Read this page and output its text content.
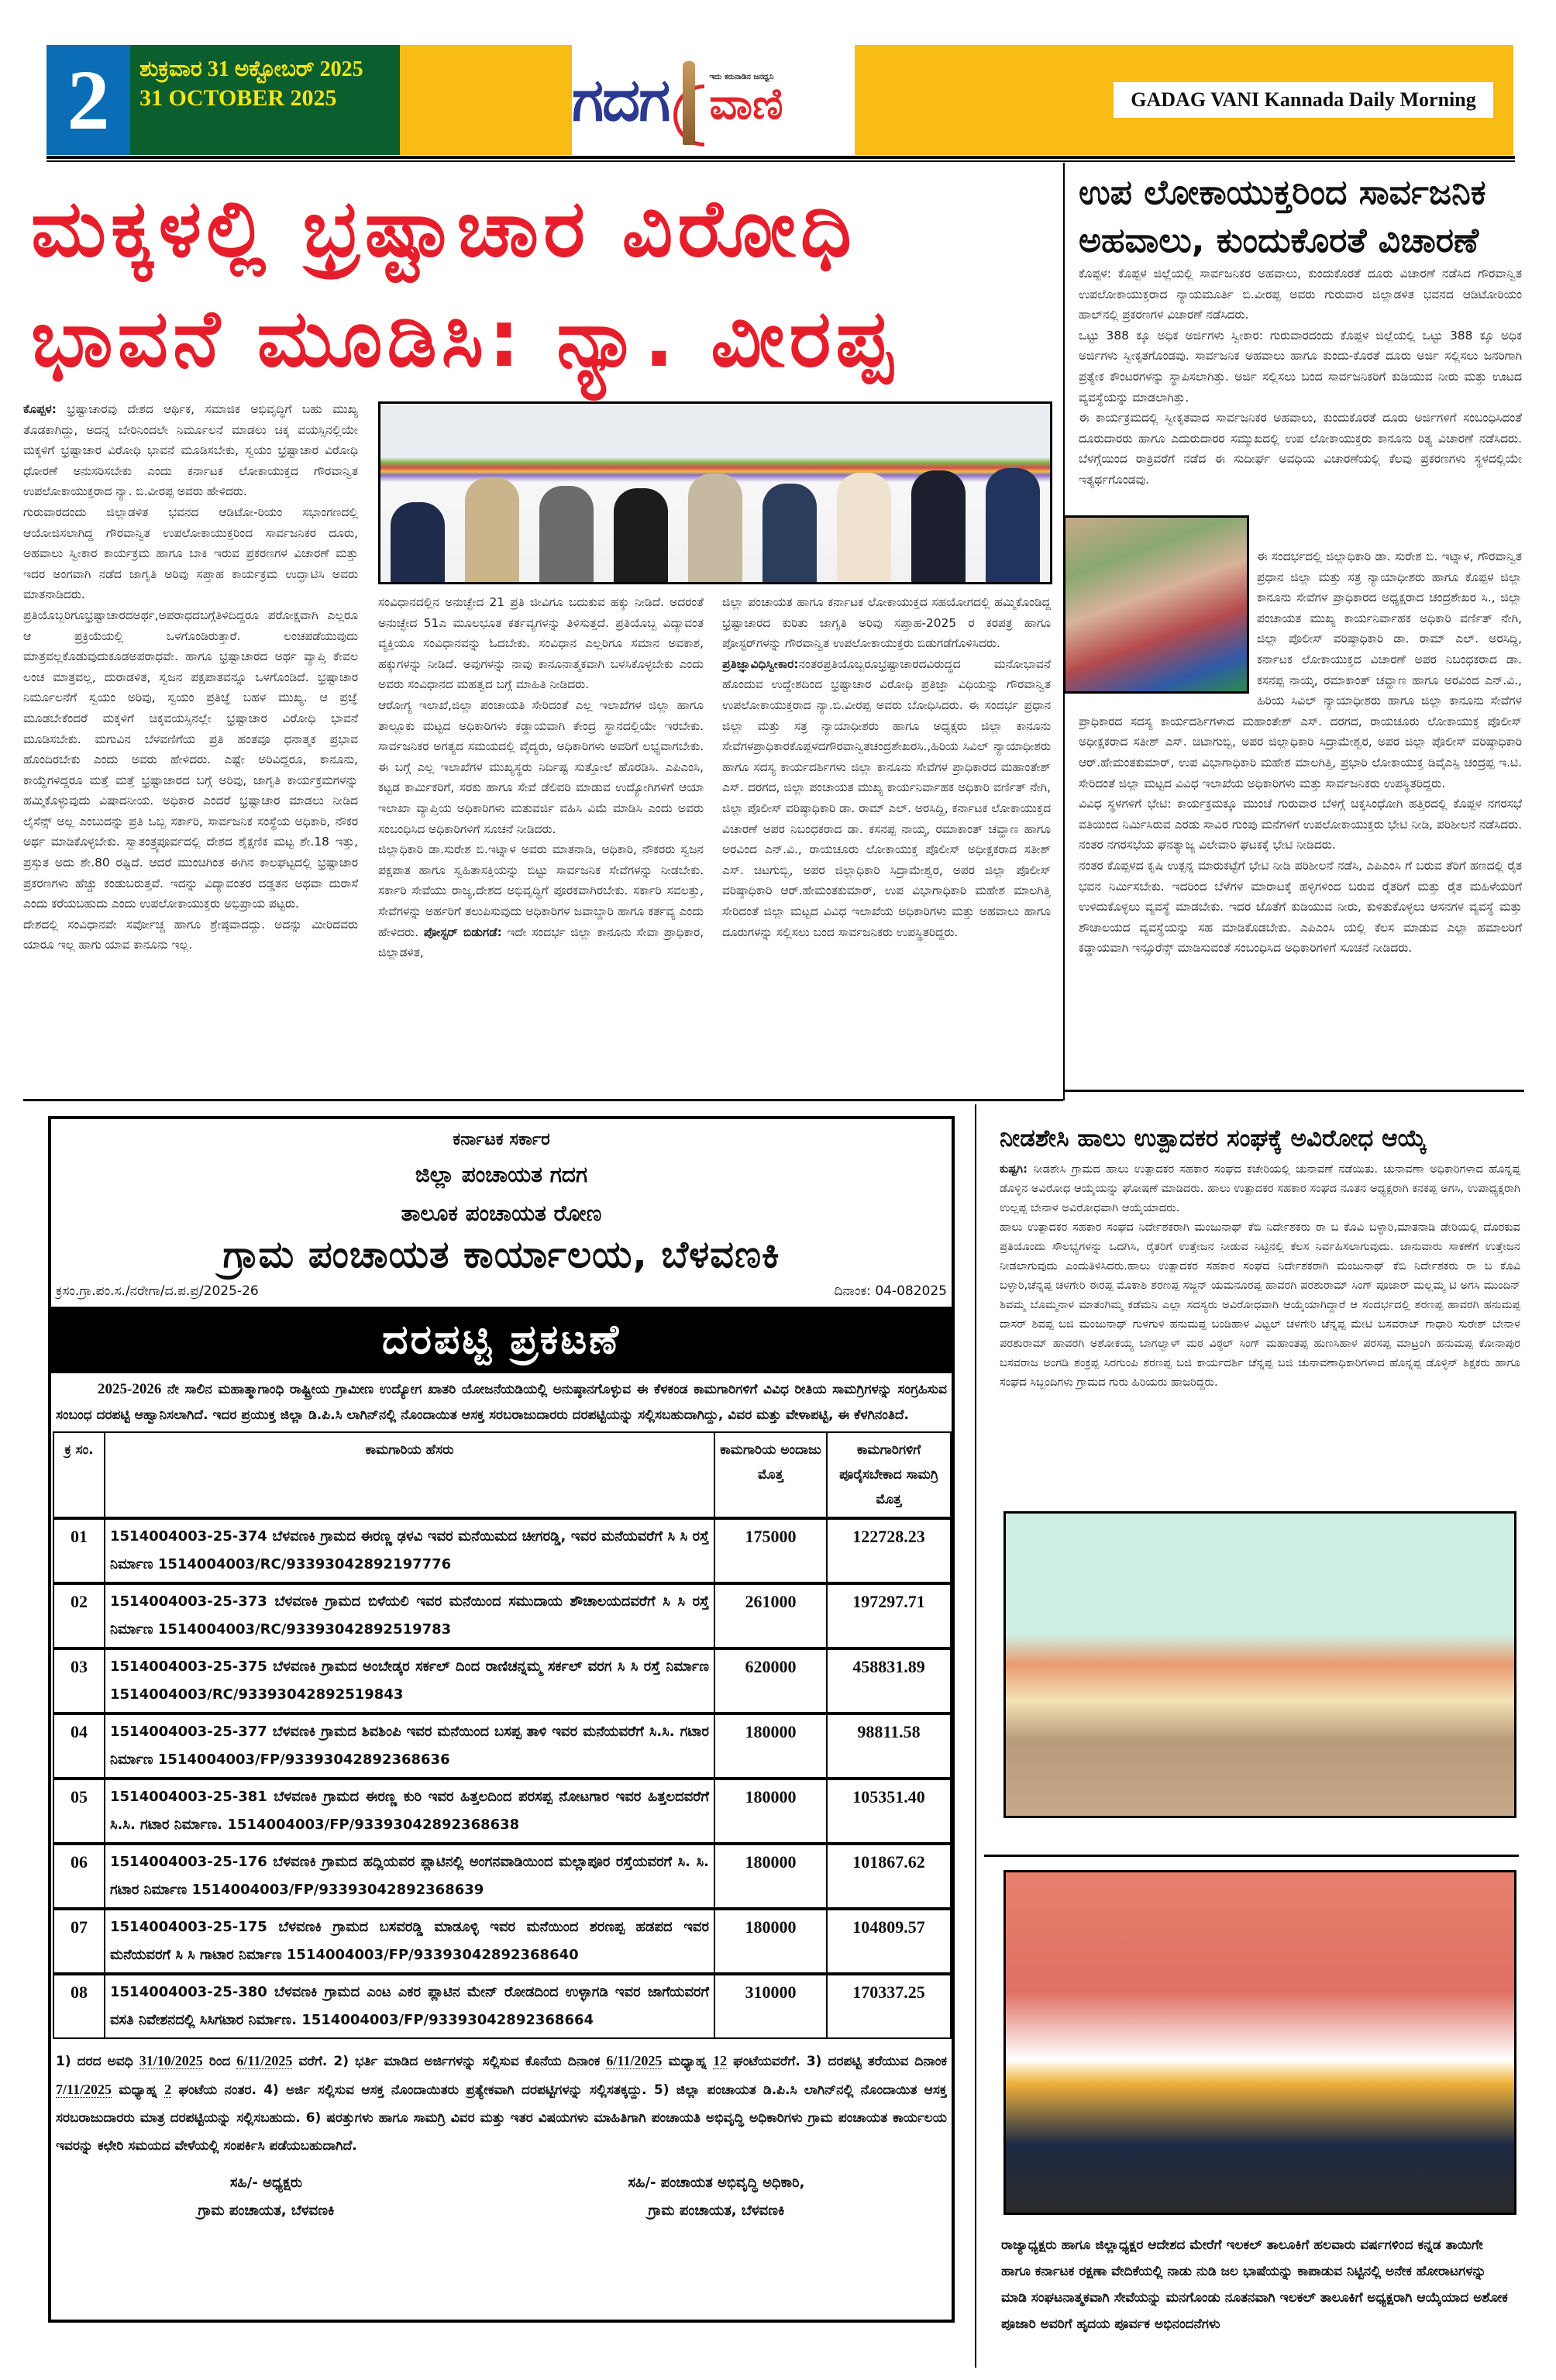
2	ಶುಕ್ರವಾರ 31 ಅಕ್ಟೋಬರ್ 2025
31 OCTOBER 2025	ಗದಗ	ಇದು ಕರುನಾಡಿನ ಜನಧ್ವನಿ
ವಾಣಿ	GADAG VANI Kannada Daily Morning
ಮಕ್ಕಳಲ್ಲಿ ಭ್ರಷ್ಟಾಚಾರ ವಿರೋಧಿ
ಭಾವನೆ ಮೂಡಿಸಿ: ನ್ಯಾ. ವೀರಪ್ಪ

ಕೊಪ್ಪಳ: ಭ್ರಷ್ಟಾಚಾರವು ದೇಶದ ಆರ್ಥಿಕ, ಸಮಾಜಿಕ ಅಭಿವೃದ್ಧಿಗೆ ಬಹು ಮುಖ್ಯ ತೊಡಕಾಗಿದ್ದು, ಅದನ್ನ ಬೇರಿನಿಂದಲೇ ನಿರ್ಮೂಲನೆ ಮಾಡಲು ಚಿಕ್ಕ ವಯಸ್ಸಿನಲ್ಲಿಯೇ ಮಕ್ಕಳಿಗೆ ಭ್ರಷ್ಟಾಚಾರ ವಿರೋಧಿ ಭಾವನೆ ಮೂಡಿಸಬೇಕು, ಸ್ವಯಂ ಭ್ರಷ್ಟಾಚಾರ ವಿರೋಧಿ ಧೋರಣೆ ಅನುಸರಿಸಬೇಕು ಎಂದು ಕರ್ನಾಟಕ ಲೋಕಾಯುಕ್ತದ ಗೌರವಾನ್ವಿತ ಉಪಲೋಕಾಯುಕ್ತರಾದ ನ್ಯಾ. ಬಿ.ವೀರಪ್ಪ ಅವರು ಹೇಳಿದರು.

ಗುರುವಾರದಂದು ಜಿಲ್ಲಾಡಳಿತ ಭವನದ ಆಡಿಟೋ-ರಿಯಂ ಸಭಾಂಗಣದಲ್ಲಿ ಆಯೋಜಿಸಲಾಗಿದ್ದ ಗೌರವಾನ್ವಿತ ಉಪಲೋಕಾಯುಕ್ತರಿಂದ ಸಾರ್ವಜನಿಕರ ದೂರು, ಅಹವಾಲು ಸ್ವೀಕಾರ ಕಾರ್ಯಕ್ರಮ ಹಾಗೂ ಬಾಕಿ ಇರುವ ಪ್ರಕರಣಗಳ ವಿಚಾರಣೆ ಮತ್ತು ಇದರ ಅಂಗವಾಗಿ ನಡೆದ ಜಾಗೃತಿ ಅರಿವು ಸಪ್ತಾಹ ಕಾರ್ಯಕ್ರಮ ಉದ್ಘಾಟಿಸಿ ಅವರು ಮಾತನಾಡಿದರು.

ಪ್ರತಿಯೊಬ್ಬರಿಗೂಭ್ರಷ್ಟಾಚಾರದಅರ್ಥ,ಅಪರಾಧದಬಗ್ಗೆತಿಳಿದಿದ್ದರೂ ಪರೋಕ್ಷವಾಗಿ ಎಲ್ಲರೂ ಆ ಪ್ರಕ್ರಿಯೆಯಲ್ಲಿ ಒಳಗೊಂಡಿರುತ್ತಾರೆ. ಲಂಚಪಡೆಯುವುದು ಮಾತ್ರವಲ್ಲಕೊಡುವುದುಕೂಡಅಪರಾಧವೇ. ಹಾಗೂ ಭ್ರಷ್ಟಾಚಾರದ ಅರ್ಥ ವ್ಯಾಪ್ತಿ ಕೇವಲ ಲಂಚ ಮಾತ್ರವಲ್ಲ, ದುರಾಡಳಿತ, ಸ್ವಜನ ಪಕ್ಷಪಾತವನ್ನೂ ಒಳಗೊಂಡಿದೆ. ಭ್ರಷ್ಟಾಚಾರ ನಿರ್ಮೂಲನೆಗೆ ಸ್ವಯಂ ಅರಿವು, ಸ್ವಯಂ ಪ್ರತಿಜ್ಞೆ ಬಹಳ ಮುಖ್ಯ. ಆ ಪ್ರಜ್ಞೆ ಮೂಡಬೇಕೆಂದರೆ ಮಕ್ಕಳಿಗೆ ಚಿಕ್ಕವಯಸ್ಸಿನಲ್ಲೇ ಭ್ರಷ್ಟಾಚಾರ ವಿರೋಧಿ ಭಾವನೆ ಮೂಡಿಸಬೇಕು. ಮಗುವಿನ ಬೆಳವಣಿಗೆಯ ಪ್ರತಿ ಹಂತವೂ ಧನಾತ್ಮಕ ಪ್ರಭಾವ ಹೊಂದಿರಬೇಕು ಎಂದು ಅವರು ಹೇಳಿದರು. ಎಷ್ಟೇ ಅರಿವಿದ್ದರೂ, ಕಾನೂನು, ಕಾಯ್ದೆಗಳಿದ್ದರೂ ಮತ್ತೆ ಮತ್ತೆ ಭ್ರಷ್ಟಾಚಾರದ ಬಗ್ಗೆ ಅರಿವು, ಜಾಗೃತಿ ಕಾರ್ಯಕ್ರಮಗಳನ್ನು ಹಮ್ಮಿಕೊಳ್ಳುವುದು ವಿಷಾದನೀಯ. ಅಧಿಕಾರ ಎಂದರೆ ಭ್ರಷ್ಟಾಚಾರ ಮಾಡಲು ನೀಡಿದ ಲೈಸೆನ್ಸ್ ಅಲ್ಲ ಎಂಬುದನ್ನು ಪ್ರತಿ ಒಬ್ಬ ಸರ್ಕಾರಿ, ಸಾರ್ವಜನಿಕ ಸಂಸ್ಥೆಯ ಅಧಿಕಾರಿ, ನೌಕರ ಅರ್ಥ ಮಾಡಿಕೊಳ್ಳಬೇಕು. ಸ್ವಾತಂತ್ರ್ಯಪೂರ್ವದಲ್ಲಿ ದೇಶದ ಶೈಕ್ಷಣಿಕ ಮಟ್ಟ ಶೇ.18 ಇತ್ತು, ಪ್ರಸ್ತುತ ಅದು ಶೇ.80 ರಷ್ಟಿದೆ. ಆದರೆ ಮುಂಚಿಗಿಂತ ಈಗಿನ ಕಾಲಘಟ್ಟದಲ್ಲಿ ಭ್ರಷ್ಟಾಚಾರ ಪ್ರಕರಣಗಳು ಹೆಚ್ಚು ಕಂಡುಬರುತ್ತವೆ. ಇದನ್ನು ವಿದ್ಯಾವಂತರ ದಡ್ಡತನ ಅಥವಾ ದುರಾಸೆ ಎಂದು ಕರೆಯಬಹುದು ಎಂದು ಉಪಲೋಕಾಯುಕ್ತರು ಅಭಿಪ್ರಾಯ ಪಟ್ಟರು.

ದೇಶದಲ್ಲಿ ಸಂವಿಧಾನವೇ ಸರ್ವೋಚ್ಚ ಹಾಗೂ ಶ್ರೇಷ್ಠವಾದದ್ದು. ಅದನ್ನು ಮೀರಿದವರು ಯಾರೂ ಇಲ್ಲ ಹಾಗು ಯಾವ ಕಾನೂನು ಇಲ್ಲ.

ಸಂವಿಧಾನದಲ್ಲಿನ ಅನುಚ್ಛೇದ 21 ಪ್ರತಿ ಜೀವಿಗೂ ಬದುಕುವ ಹಕ್ಕು ನೀಡಿದೆ. ಅದರಂತೆ ಅನುಚ್ಛೇದ 51ಎ ಮೂಲಭೂತ ಕರ್ತವ್ಯಗಳನ್ನು ತಿಳಿಸುತ್ತದೆ. ಪ್ರತಿಯೊಬ್ಬ ವಿದ್ಯಾವಂತ ವ್ಯಕ್ತಿಯೂ ಸಂವಿಧಾನವನ್ನು ಓದಬೇಕು. ಸಂವಿಧಾನ ಎಲ್ಲರಿಗೂ ಸಮಾನ ಅವಕಾಶ, ಹಕ್ಕುಗಳನ್ನು ನೀಡಿದೆ. ಅವುಗಳನ್ನು ನಾವು ಕಾನೂನಾತ್ಮಕವಾಗಿ ಬಳಸಿಕೊಳ್ಳಬೇಕು ಎಂದು ಅವರು ಸಂವಿಧಾನದ ಮಹತ್ವದ ಬಗ್ಗೆ ಮಾಹಿತಿ ನೀಡಿದರು.

ಆರೋಗ್ಯ ಇಲಾಖೆ,ಜಿಲ್ಲಾ ಪಂಚಾಯತಿ ಸೇರಿದಂತೆ ಎಲ್ಲ ಇಲಾಖೆಗಳ ಜಿಲ್ಲಾ ಹಾಗೂ ತಾಲ್ಲೂಕು ಮಟ್ಟದ ಅಧಿಕಾರಿಗಳು ಕಡ್ಡಾಯವಾಗಿ ಕೇಂದ್ರ ಸ್ಥಾನದಲ್ಲಿಯೇ ಇರಬೇಕು. ಸಾರ್ವಜನಿಕರ ಅಗತ್ಯದ ಸಮಯದಲ್ಲಿ ವೈದ್ಯರು, ಅಧಿಕಾರಿಗಳು ಅವರಿಗೆ ಲಭ್ಯವಾಗಬೇಕು. ಈ ಬಗ್ಗೆ ಎಲ್ಲ ಇಲಾಖೆಗಳ ಮುಖ್ಯಸ್ಥರು ನಿರ್ದಿಷ್ಟ ಸುತ್ತೋಲೆ ಹೊರಡಿಸಿ. ಎಪಿಎಂಸಿ, ಕಟ್ಟಡ ಕಾರ್ಮಿಕರಿಗೆ, ಸರಕು ಹಾಗೂ ಸೇವೆ ಡೆಲಿವರಿ ಮಾಡುವ ಉದ್ಯೋಗಿಗಳಿಗೆ ಆಯಾ ಇಲಾಖಾ ವ್ಯಾಪ್ತಿಯ ಅಧಿಕಾರಿಗಳು ಮತುವರ್ಜಿ ವಹಿಸಿ ವಿಮೆ ಮಾಡಿಸಿ ಎಂದು ಅವರು ಸಂಬಂಧಿಸಿದ ಅಧಿಕಾರಿಗಳಿಗೆ ಸೂಚನೆ ನೀಡಿದರು.

ಜಿಲ್ಲಾಧಿಕಾರಿ ಡಾ.ಸುರೇಶ ಬಿ.ಇಟ್ನಾಳ ಅವರು ಮಾತನಾಡಿ, ಅಧಿಕಾರಿ, ನೌಕರರು ಸ್ವಜನ ಪಕ್ಷಪಾತ ಹಾಗೂ ಸ್ವಹಿತಾಸಕ್ತಿಯನ್ನು ಬಿಟ್ಟು ಸಾರ್ವಜನಿಕ ಸೇವೆಗಳನ್ನು ನೀಡಬೇಕು. ಸರ್ಕಾರಿ ಸೇವೆಯು ರಾಜ್ಯ,ದೇಶದ ಅಭಿವೃದ್ಧಿಗೆ ಪೂರಕವಾಗಿರಬೇಕು. ಸರ್ಕಾರಿ ಸವಲತ್ತು, ಸೇವೆಗಳನ್ನು ಅರ್ಹರಿಗೆ ತಲುಪಿಸುವುದು ಅಧಿಕಾರಿಗಳ ಜವಾಬ್ದಾರಿ ಹಾಗೂ ಕರ್ತವ್ಯ ಎಂದು ಹೇಳಿದರು. ಪೋಸ್ಟರ್ ಬಿಡುಗಡೆ: ಇದೇ ಸಂದರ್ಭ ಜಿಲ್ಲಾ ಕಾನೂನು ಸೇವಾ ಪ್ರಾಧಿಕಾರ, ಜಿಲ್ಲಾಡಳಿತ,

ಜಿಲ್ಲಾ ಪಂಚಾಯತ ಹಾಗೂ ಕರ್ನಾಟಕ ಲೋಕಾಯುಕ್ತದ ಸಹಯೋಗದಲ್ಲಿ ಹಮ್ಮಿಕೊಂಡಿದ್ದ ಭ್ರಷ್ಟಾಚಾರದ ಕುರಿತು ಜಾಗೃತಿ ಅರಿವು ಸಪ್ತಾಹ-2025 ರ ಕರಪತ್ರ ಹಾಗೂ ಪೋಸ್ಟರ್‌ಗಳನ್ನು ಗೌರವಾನ್ವಿತ ಉಪಲೋಕಾಯುಕ್ತರು ಬಿಡುಗಡೆಗೊಳಿಸಿದರು.

ಪ್ರತಿಜ್ಞಾವಿಧಿಸ್ವೀಕಾರ:ನಂತರಪ್ರತಿಯೊಬ್ಬರೂಭ್ರಷ್ಟಾಚಾರದವಿರುದ್ಧದ ಮನೋಭಾವನೆ ಹೊಂದುವ ಉದ್ದೇಶದಿಂದ ಭ್ರಷ್ಟಾಚಾರ ವಿರೋಧಿ ಪ್ರತಿಜ್ಞಾ ವಿಧಿಯನ್ನು ಗೌರವಾನ್ವಿತ ಉಪಲೋಕಾಯುಕ್ತರಾದ ನ್ಯಾ.ಬಿ.ವೀರಪ್ಪ ಅವರು ಬೋಧಿಸಿದರು. ಈ ಸಂದರ್ಭ ಪ್ರಧಾನ ಜಿಲ್ಲಾ ಮತ್ತು ಸತ್ರ ನ್ಯಾಯಾಧೀಶರು ಹಾಗೂ ಅಧ್ಯಕ್ಷರು ಜಿಲ್ಲಾ ಕಾನೂನು ಸೇವೆಗಳಪ್ರಾಧಿಕಾರಕೊಪ್ಪಳದಗೌರವಾನ್ವಿತಚಂದ್ರಶೇಖರಸಿ.,ಹಿರಿಯ ಸಿವಿಲ್ ನ್ಯಾಯಾಧೀಶರು ಹಾಗೂ ಸದಸ್ಯ ಕಾರ್ಯದರ್ಶಿಗಳು ಜಿಲ್ಲಾ ಕಾನೂನು ಸೇವೆಗಳ ಪ್ರಾಧಿಕಾರದ ಮಹಾಂತೇಶ್ ಎಸ್. ದರಗದ, ಜಿಲ್ಲಾ ಪಂಚಾಯತ ಮುಖ್ಯ ಕಾರ್ಯನಿರ್ವಾಹಕ ಅಧಿಕಾರಿ ವರ್ಣಿತ್ ನೇಗಿ, ಜಿಲ್ಲಾ ಪೊಲೀಸ್ ವರಿಷ್ಠಾಧಿಕಾರಿ ಡಾ. ರಾಮ್ ಎಲ್. ಅರಸಿದ್ದಿ, ಕರ್ನಾಟಕ ಲೋಕಾಯುಕ್ತದ ವಿಚಾರಣೆ ಅಪರ ನಿಬಂಧಕರಾದ ಡಾ. ಕಸನಪ್ಪ ನಾಯ್ಕ, ರಮಾಕಾಂತ್ ಚವ್ಹಾಣ ಹಾಗೂ ಅರವಿಂದ ಎನ್.ವಿ., ರಾಯಚೂರು ಲೋಕಾಯುಕ್ತ ಪೊಲೀಸ್ ಅಧೀಕ್ಷಕರಾದ ಸತೀಶ್ ಎಸ್. ಚಿಟಗುಬ್ಬಿ, ಅಪರ ಜಿಲ್ಲಾಧಿಕಾರಿ ಸಿದ್ರಾಮೇಶ್ವರ, ಅಪರ ಜಿಲ್ಲಾ ಪೊಲೀಸ್ ವರಿಷ್ಠಾಧಿಕಾರಿ ಆರ್.ಹೇಮಂತಕುಮಾರ್, ಉಪ ವಿಭಾಗಾಧಿಕಾರಿ ಮಹೇಶ ಮಾಲಗಿತ್ತಿ ಸೇರಿದಂತೆ ಜಿಲ್ಲಾ ಮಟ್ಟದ ವಿವಿಧ ಇಲಾಖೆಯ ಅಧಿಕಾರಿಗಳು ಮತ್ತು ಅಹವಾಲು ಹಾಗೂ ದೂರುಗಳನ್ನು ಸಲ್ಲಿಸಲು ಬಂದ ಸಾರ್ವಜನಿಕರು ಉಪಸ್ಥಿತರಿದ್ದರು.

ಉಪ ಲೋಕಾಯುಕ್ತರಿಂದ ಸಾರ್ವಜನಿಕ ಅಹವಾಲು, ಕುಂದುಕೊರತೆ ವಿಚಾರಣೆ

ಕೊಪ್ಪಳ: ಕೊಪ್ಪಳ ಜಿಲ್ಲೆಯಲ್ಲಿ ಸಾರ್ವಜನಿಕರ ಅಹವಾಲು, ಕುಂದುಕೊರತೆ ದೂರು ವಿಚಾರಣೆ ನಡೆಸಿದ ಗೌರವಾನ್ವಿತ ಉಪಲೋಕಾಯುಕ್ತರಾದ ನ್ಯಾಯಮೂರ್ತಿ ಬಿ.ವೀರಪ್ಪ ಅವರು ಗುರುವಾರ ಜಿಲ್ಲಾಡಳಿತ ಭವನದ ಆಡಿಟೋರಿಯಂ ಹಾಲ್‌ನಲ್ಲಿ ಪ್ರಕರಣಗಳ ವಿಚಾರಣೆ ನಡೆಸಿದರು.

ಒಟ್ಟು 388 ಕ್ಕೂ ಅಧಿಕ ಅರ್ಜಿಗಳು ಸ್ವೀಕಾರ: ಗುರುವಾರದಂದು ಕೊಪ್ಪಳ ಜಿಲ್ಲೆಯಲ್ಲಿ ಒಟ್ಟು 388 ಕ್ಕೂ ಅಧಿಕ ಅರ್ಜಿಗಳು ಸ್ವೀಕೃತಗೊಂಡವು. ಸಾರ್ವಜನಿಕ ಅಹವಾಲು ಹಾಗೂ ಕುಂದು-ಕೊರತೆ ದೂರು ಅರ್ಜಿ ಸಲ್ಲಿಸಲು ಜನರಿಗಾಗಿ ಪ್ರತ್ಯೇಕ ಕೌಂಟರಗಳನ್ನು ಸ್ಥಾಪಿಸಲಾಗಿತ್ತು. ಅರ್ಜಿ ಸಲ್ಲಿಸಲು ಬಂದ ಸಾರ್ವಜನಿಕರಿಗೆ ಕುಡಿಯುವ ನೀರು ಮತ್ತು ಊಟದ ವ್ಯವಸ್ಥೆಯನ್ನು ಮಾಡಲಾಗಿತ್ತು.

ಈ ಕಾರ್ಯಕ್ರಮದಲ್ಲಿ ಸ್ವೀಕೃತವಾದ ಸಾರ್ವಜನಿಕರ ಅಹವಾಲು, ಕುಂದುಕೊರತೆ ದೂರು ಅರ್ಜಿಗಳಿಗೆ ಸಂಬಂಧಿಸಿದಂತೆ ದೂರುದಾರರು ಹಾಗೂ ಎದುರುದಾರರ ಸಮ್ಮುಖದಲ್ಲಿ ಉಪ ಲೋಕಾಯುಕ್ತರು ಕಾನೂನು ರಿತ್ಯ ವಿಚಾರಣೆ ನಡೆಸಿದರು. ಬೆಳಗ್ಗೆಯಿಂದ ರಾತ್ರಿವರೆಗೆ ನಡೆದ ಈ ಸುದೀರ್ಘ ಅವಧಿಯ ವಿಚಾರಣೆಯಲ್ಲಿ ಕೆಲವು ಪ್ರಕರಣಗಳು ಸ್ಥಳದಲ್ಲಿಯೇ ಇತ್ಯರ್ಥಗೊಂಡವು.

ಈ ಸಂದರ್ಭದಲ್ಲಿ ಜಿಲ್ಲಾಧಿಕಾರಿ ಡಾ. ಸುರೇಶ ಬಿ. ಇಟ್ನಾಳ, ಗೌರವಾನ್ವಿತ ಪ್ರಧಾನ ಜಿಲ್ಲಾ ಮತ್ತು ಸತ್ರ ನ್ಯಾಯಾಧೀಶರು ಹಾಗೂ ಕೊಪ್ಪಳ ಜಿಲ್ಲಾ ಕಾನೂನು ಸೇವೆಗಳ ಪ್ರಾಧಿಕಾರದ ಅಧ್ಯಕ್ಷರಾದ ಚಂದ್ರಶೇಖರ ಸಿ., ಜಿಲ್ಲಾ ಪಂಚಾಯತ ಮುಖ್ಯ ಕಾರ್ಯನಿರ್ವಾಹಕ ಅಧಿಕಾರಿ ವರ್ಣಿತ್ ನೇಗಿ, ಜಿಲ್ಲಾ ಪೊಲೀಸ್ ವರಿಷ್ಠಾಧಿಕಾರಿ ಡಾ. ರಾಮ್ ಎಲ್. ಅರಸಿದ್ದಿ, ಕರ್ನಾಟಕ ಲೋಕಾಯುಕ್ತದ ವಿಚಾರಣೆ ಅಪರ ನಿಬಂಧಕರಾದ ಡಾ. ಕಸನಪ್ಪ ನಾಯ್ಕ, ರಮಾಕಾಂತ್ ಚವ್ಹಾಣ ಹಾಗೂ ಅರವಿಂದ ಎನ್.ವಿ., ಹಿರಿಯ ಸಿವಿಲ್ ನ್ಯಾಯಾಧೀಶರು ಹಾಗೂ ಜಿಲ್ಲಾ ಕಾನೂನು ಸೇವೆಗಳ ಪ್ರಾಧಿಕಾರದ ಸದಸ್ಯ ಕಾರ್ಯದರ್ಶಿಗಳಾದ ಮಹಾಂತೇಶ್ ಎಸ್. ದರಗದ, ರಾಯಚೂರು ಲೋಕಾಯುಕ್ತ ಪೊಲೀಸ್ ಅಧೀಕ್ಷಕರಾದ ಸತೀಶ್ ಎಸ್. ಚಿಟಾಗುಬ್ಬಿ, ಅಪರ ಜಿಲ್ಲಾಧಿಕಾರಿ ಸಿದ್ರಾಮೇಶ್ವರ, ಅಪರ ಜಿಲ್ಲಾ ಪೊಲೀಸ್ ವರಿಷ್ಠಾಧಿಕಾರಿ ಆರ್.ಹೇಮಂತಕುಮಾರ್, ಉಪ ವಿಭಾಗಾಧಿಕಾರಿ ಮಹೇಶ ಮಾಲಗಿತ್ತಿ, ಪ್ರಭಾರಿ ಲೋಕಾಯುಕ್ತ ಡಿವೈಎಸ್ಪಿ ಚಂದ್ರಪ್ಪ ಇ.ಟಿ. ಸೇರಿದಂತೆ ಜಿಲ್ಲಾ ಮಟ್ಟದ ವಿವಿಧ ಇಲಾಖೆಯ ಅಧಿಕಾರಿಗಳು ಮತ್ತು ಸಾರ್ವಜನಿಕರು ಉಪಸ್ಥಿತರಿದ್ದರು.

ವಿವಿಧ ಸ್ಥಳಗಳಿಗೆ ಭೇಟಿ: ಕಾರ್ಯಕ್ರಮಕ್ಕೂ ಮುಂಚೆ ಗುರುವಾರ ಬೆಳಿಗ್ಗೆ ಚಿಕ್ಕಸಿಂಧೋಗಿ ಹತ್ತಿರದಲ್ಲಿ ಕೊಪ್ಪಳ ನಗರಸಭೆ ವತಿಯಿಂದ ನಿರ್ಮಿಸಿರುವ ಎರಡು ಸಾವಿರ ಗುಂಪು ಮನೆಗಳಿಗೆ ಉಪಲೋಕಾಯುಕ್ತರು ಭೇಟಿ ನೀಡಿ, ಪರಿಶೀಲನೆ ನಡೆಸಿದರು. ನಂತರ ನಗರಸಭೆಯ ಘನತ್ಯಾಜ್ಯ ವಿಲೇವಾರಿ ಘಟಕಕ್ಕೆ ಭೇಟಿ ನೀಡಿದರು.

ನಂತರ ಕೊಪ್ಪಳದ ಕೃಷಿ ಉತ್ಪನ್ನ ಮಾರುಕಟ್ಟೆಗೆ ಭೇಟಿ ನೀಡಿ ಪರಿಶೀಲನೆ ನಡೆಸಿ, ಎಪಿಎಂಸಿ ಗೆ ಬರುವ ತೆರಿಗೆ ಹಣದಲ್ಲಿ ರೈತ ಭವನ ನಿರ್ಮಿಸಬೇಕು. ಇದರಿಂದ ಬೆಳೆಗಳ ಮಾರಾಟಕ್ಕೆ ಹಳ್ಳಿಗಳಿಂದ ಬರುವ ರೈತರಿಗೆ ಮತ್ತು ರೈತ ಮಹಿಳೆಯರಿಗೆ ಉಳಿದುಕೊಳ್ಳಲು ವ್ಯವಸ್ಥೆ ಮಾಡಬೇಕು. ಇದರ ಜೊತೆಗೆ ಕುಡಿಯುವ ನೀರು, ಕುಳಿತುಕೊಳ್ಳಲು ಆಸನಗಳ ವ್ಯವಸ್ಥೆ ಮತ್ತು ಶೌಚಾಲಯದ ವ್ಯವಸ್ಥೆಯನ್ನು ಸಹ ಮಾಡಿಕೊಡಬೇಕು. ಎಪಿಎಂಸಿ ಯಲ್ಲಿ ಕೆಲಸ ಮಾಡುವ ಎಲ್ಲಾ ಹಮಾಲರಿಗೆ ಕಡ್ಡಾಯವಾಗಿ ಇನ್ಸೂರೆನ್ಸ್ ಮಾಡಿಸುವಂತೆ ಸಂಬಂಧಿಸಿದ ಅಧಿಕಾರಿಗಳಿಗೆ ಸೂಚನೆ ನೀಡಿದರು.

ಕರ್ನಾಟಕ ಸರ್ಕಾರ
ಜಿಲ್ಲಾ ಪಂಚಾಯತ ಗದಗ
ತಾಲೂಕ ಪಂಚಾಯತ ರೋಣ
ಗ್ರಾಮ ಪಂಚಾಯತ ಕಾರ್ಯಾಲಯ, ಬೆಳವಣಕಿ
ಕ್ರಸಂ.ಗ್ರಾ.ಪಂ.ಸ./ನರೇಗಾ/ದ.ಪ.ಪ್ರ/2025-26	ದಿನಾಂಕ: 04-082025
ದರಪಟ್ಟಿ ಪ್ರಕಟಣೆ
2025-2026 ನೇ ಸಾಲಿನ ಮಹಾತ್ಮಾಗಾಂಧಿ ರಾಷ್ಟ್ರೀಯ ಗ್ರಾಮೀಣ ಉದ್ಯೋಗ ಖಾತರಿ ಯೋಜನೆಯಡಿಯಲ್ಲಿ ಅನುಷ್ಠಾನಗೊಳ್ಳುವ ಈ ಕೆಳಕಂಡ ಕಾಮಗಾರಿಗಳಿಗೆ ವಿವಿಧ ರೀತಿಯ ಸಾಮಗ್ರಿಗಳನ್ನು ಸಂಗ್ರಹಿಸುವ ಸಂಬಂಧ ದರಪಟ್ಟಿ ಆಹ್ವಾನಿಸಲಾಗಿದೆ. ಇದರ ಪ್ರಯುಕ್ತ ಜಿಲ್ಲಾ ಡಿ.ಪಿ.ಸಿ ಲಾಗಿನ್‌ನಲ್ಲಿ ನೊಂದಾಯಿತ ಆಸಕ್ತ ಸರಬರಾಜುದಾರರು ದರಪಟ್ಟಿಯನ್ನು ಸಲ್ಲಿಸಬಹುದಾಗಿದ್ದು, ವಿವರ ಮತ್ತು ವೇಳಾಪಟ್ಟಿ, ಈ ಕೆಳಗಿನಂತಿದೆ.
ಕ್ರ ಸಂ.	ಕಾಮಗಾರಿಯ ಹೆಸರು	ಕಾಮಗಾರಿಯ ಅಂದಾಜು ಮೊತ್ತ	ಕಾಮಗಾರಿಗಳಿಗೆ ಪೂರೈಸಬೇಕಾದ ಸಾಮಗ್ರಿ ಮೊತ್ತ
01	1514004003-25-374 ಬೆಳವಣಕಿ ಗ್ರಾಮದ ಈರಣ್ಣ ಢಳವಿ ಇವರ ಮನೆಯಿಮದ ಚೀಗರಡ್ಡಿ, ಇವರ ಮನೆಯವರೆಗೆ ಸಿ ಸಿ ರಸ್ತೆ ನಿರ್ಮಾಣ 1514004003/RC/93393042892197776	175000	122728.23
02	1514004003-25-373 ಬೆಳವಣಕಿ ಗ್ರಾಮದ ಬಿಳೆಯಲಿ ಇವರ ಮನೆಯಿಂದ ಸಮುದಾಯ ಶೌಚಾಲಯದವರೆಗೆ ಸಿ ಸಿ ರಸ್ತೆ ನಿರ್ಮಾಣ 1514004003/RC/93393042892519783	261000	197297.71
03	1514004003-25-375 ಬೆಳವಣಕಿ ಗ್ರಾಮದ ಅಂಬೇಡ್ಕರ ಸರ್ಕಲ್ ದಿಂದ ರಾಣಿಚನ್ನಮ್ಮ ಸರ್ಕಲ್ ವರಗ ಸಿ ಸಿ ರಸ್ತೆ ನಿರ್ಮಾಣ 1514004003/RC/93393042892519843	620000	458831.89
04	1514004003-25-377 ಬೆಳವಣಕಿ ಗ್ರಾಮದ ಶಿವಶಿಂಪಿ ಇವರ ಮನೆಯಿಂದ ಬಸಪ್ಪ ತಾಳಿ ಇವರ ಮನೆಯವರೆಗೆ ಸಿ.ಸಿ. ಗಟಾರ ನಿರ್ಮಾಣ 1514004003/FP/93393042892368636	180000	98811.58
05	1514004003-25-381 ಬೆಳವಣಕಿ ಗ್ರಾಮದ ಈರಣ್ಣ ಕುರಿ ಇವರ ಹಿತ್ತಲದಿಂದ ಪರಸಪ್ಪ ನೋಟಗಾರ ಇವರ ಹಿತ್ತಲದವರೆಗೆ ಸಿ.ಸಿ. ಗಟಾರ ನಿರ್ಮಾಣ. 1514004003/FP/93393042892368638	180000	105351.40
06	1514004003-25-176 ಬೆಳವಣಕಿ ಗ್ರಾಮದ ಹದ್ಲಿಯವರ ಪ್ಲಾಟಿನಲ್ಲಿ ಅಂಗನವಾಡಿಯಿಂದ ಮಲ್ಲಾಪೂರ ರಸ್ತೆಯವರಗೆ ಸಿ. ಸಿ. ಗಟಾರ ನಿರ್ಮಾಣ 1514004003/FP/93393042892368639	180000	101867.62
07	1514004003-25-175 ಬೆಳವಣಕಿ ಗ್ರಾಮದ ಬಸವರಡ್ಡಿ ಮಾಡೂಳ್ಳಿ ಇವರ ಮನೆಯಿಂದ ಶರಣಪ್ಪ ಹಡಪದ ಇವರ ಮನೆಯವರಗೆ ಸಿ ಸಿ ಗಾಟಾರ ನಿರ್ಮಾಣ 1514004003/FP/93393042892368640	180000	104809.57
08	1514004003-25-380 ಬೆಳವಣಕಿ ಗ್ರಾಮದ ಎಂಟ ಎಕರ ಪ್ಲಾಟಿನ ಮೇನ್ ರೋಡದಿಂದ ಉಳ್ಳಾಗಡಿ ಇವರ ಜಾಗೆಯವರಗೆ ವಸತಿ ನಿವೇಶನದಲ್ಲಿ ಸಿಸಿಗಟಾರ ನಿರ್ಮಾಣ. 1514004003/FP/93393042892368664	310000	170337.25
1) ದರದ ಅವಧಿ 31/10/2025 ರಿಂದ 6/11/2025 ವರೆಗೆ. 2) ಭರ್ತಿ ಮಾಡಿದ ಅರ್ಜಿಗಳನ್ನು ಸಲ್ಲಿಸುವ ಕೊನೆಯ ದಿನಾಂಕ 6/11/2025 ಮಧ್ಯಾಹ್ನ 12 ಘಂಟೆಯವರೆಗೆ. 3) ದರಪಟ್ಟಿ ತರೆಯುವ ದಿನಾಂಕ 7/11/2025 ಮಧ್ಯಾಹ್ನ 2 ಘಂಟೆಯ ನಂತರ. 4) ಅರ್ಜಿ ಸಲ್ಲಿಸುವ ಆಸಕ್ತ ನೊಂದಾಯಿತರು ಪ್ರತ್ಯೇಕವಾಗಿ ದರಪಟ್ಟಿಗಳನ್ನು ಸಲ್ಲಿಸತಕ್ಕದ್ದು. 5) ಜಿಲ್ಲಾ ಪಂಚಾಯತ ಡಿ.ಪಿ.ಸಿ ಲಾಗಿನ್‌ನಲ್ಲಿ ನೊಂದಾಯಿತ ಆಸಕ್ತ ಸರಬರಾಜುದಾರರು ಮಾತ್ರ ದರಪಟ್ಟಿಯನ್ನು ಸಲ್ಲಿಸಬಹುದು. 6) ಷರತ್ತುಗಳು ಹಾಗೂ ಸಾಮಗ್ರಿ ವಿವರ ಮತ್ತು ಇತರ ವಿಷಯಗಳು ಮಾಹಿತಿಗಾಗಿ ಪಂಚಾಯತಿ ಅಭಿವೃದ್ಧಿ ಅಧಿಕಾರಿಗಳು ಗ್ರಾಮ ಪಂಚಾಯತ ಕಾರ್ಯಲಯ ಇವರನ್ನು ಕಛೇರಿ ಸಮಯದ ವೇಳೆಯಲ್ಲಿ ಸಂಪರ್ಕಿಸಿ ಪಡೆಯಬಹುದಾಗಿದೆ.
ಸಹಿ/- ಅಧ್ಯಕ್ಷರು
ಗ್ರಾಮ ಪಂಚಾಯತ, ಬೆಳವಣಕಿ
ಸಹಿ/- ಪಂಚಾಯತ ಅಭಿವೃದ್ಧಿ ಅಧಿಕಾರಿ,
ಗ್ರಾಮ ಪಂಚಾಯತ, ಬೆಳವಣಕಿ
ನೀಡಶೇಸಿ ಹಾಲು ಉತ್ಪಾದಕರ ಸಂಘಕ್ಕೆ ಅವಿರೋಧ ಆಯ್ಕೆ

ಕುಷ್ಟಗಿ: ನೀಡಶೇಸಿ ಗ್ರಾಮದ ಹಾಲು ಉತ್ಪಾದಕರ ಸಹಕಾರ ಸಂಘದ ಕಚೇರಿಯಲ್ಲಿ ಚುನಾವಣೆ ನಡೆಯಿತು. ಚುನಾವಣಾ ಅಧಿಕಾರಿಗಳಾದ ಹೊನ್ನಪ್ಪ ಡೊಳ್ಳಿನ ಅವಿರೋಧ ಆಯ್ಕೆಯನ್ನು ಘೋಷಣೆ ಮಾಡಿದರು. ಹಾಲು ಉತ್ಪಾದಕರ ಸಹಕಾರ ಸಂಘದ ನೂತನ ಅಧ್ಯಕ್ಷರಾಗಿ ಕನಕಪ್ಪ ಅಗಸಿ, ಉಪಾಧ್ಯಕ್ಷರಾಗಿ ಉಲ್ಲಪ್ಪ ಬೇನಾಳ ಅವಿರೋಧವಾಗಿ ಆಯ್ಕೆಯಾದರು.

ಹಾಲು ಉತ್ಪಾದಕರ ಸಹಕಾರ ಸಂಘದ ನಿರ್ದೇಶಕರಾಗಿ ಮಂಜುನಾಥ್ ಕೆಬಿ ನಿರ್ದೇಶಕರು ರಾ ಬ ಕೊವಿ ಬಳ್ಳಾರಿ,ಮಾತನಾಡಿ ಡೇರಿಯಲ್ಲಿ ದೊರಕುವ ಪ್ರತಿಯೊಂದು ಸೌಲಭ್ಯಗಳನ್ನು ಒದಗಿಸಿ, ರೈತರಿಗೆ ಉತ್ತೇಜನ ನೀಡುವ ನಿಟ್ಟಿನಲ್ಲಿ ಕೆಲಸ ನಿರ್ವಹಿಸಲಾಗುವುದು. ಜಾನುವಾರು ಸಾಕಣೆಗೆ ಉತ್ತೇಜನ ನೀಡಲಾಗುವುದು ಎಂದುತಿಳಿಸಿದರು.ಹಾಲು ಉತ್ಪಾದಕರ ಸಹಕಾರ ಸಂಘದ ನಿರ್ದೇಶಕರಾಗಿ ಮಂಜುನಾಥ್ ಕೆಬಿ ನಿರ್ದೇಶಕರು ರಾ ಬ ಕೊವಿ ಬಳ್ಳಾರಿ,ಚೆನ್ನಪ್ಪ ಚಳಗೇರಿ ಈರಪ್ಪ ಮೊಕಾಶಿ ಶರಣಪ್ಪ ಸಜ್ಜನ್ ಯಮನೂರಪ್ಪ ಹಾವರಗಿ ಪರಶುರಾಮ್ ಸಿಂಗ್ ಪೂಜಾರ್ ಮಲ್ಲಮ್ಮ ಟಿ ಅಗಸಿ ಮುಂದಿನ್ ಶಿವಮ್ಮ ಬೊಮ್ಮನಾಳ ಮಾತಂಗಿಮ್ಮ ಕಡೆಮನಿ ಎಲ್ಲಾ ಸದಸ್ಯರು ಅವಿರೋಧವಾಗಿ ಆಯ್ಕೆಯಾಗಿದ್ದಾರೆ ಆ ಸಂದರ್ಭದಲ್ಲಿ ಶರಣಪ್ಪ ಹಾವರಗಿ ಹನುಮಪ್ಪ ದಾಸರ್ ಶಿವಪ್ಪ ಬಜಿ ಮಂಜುನಾಥ್ ಗುಳಗುಳಿ ಹನುಮಪ್ಪ ಬಂಡಿಹಾಳ ವಿಟ್ಟಲ್ ಚಳಗೇರಿ ಚೆನ್ನಪ್ಪ ಮೇಟಿ ಬಸವರಾಜ್ ಗಾಧಾರಿ ಸುರೇಶ್ ಬೇನಾಳ ಪರಶುರಾಮ್ ಹಾವರಗಿ ಅಶೋಕಯ್ಯ ಬಾಗಲ್ವಾಳ್ ಮಠ ವಿಠ್ಠಲ್ ಸಿಂಗ್ ಮಹಾಂತಪ್ಪ ಹುಣಸಿಹಾಳ ಪರಸಪ್ಪ ಮಾಟ್ರಂಗಿ ಹನುಮಪ್ಪ ಕೋನಾಪುರ ಬಸವರಾಜ ಅಂಗಡಿ ಶಂಕ್ರಪ್ಪ ಸಿರಗುಂಪಿ ಶರಣಪ್ಪ ಬಜಿ ಕಾರ್ಯದರ್ಶಿ ಚೆನ್ನಪ್ಪ ಬಜಿ ಚುನಾವಣಾಧಿಕಾರಿಗಳಾದ ಹೊನ್ನಪ್ಪ ಡೊಳ್ಳಿನ್ ಶಿಕ್ಷಕರು ಹಾಗೂ ಸಂಘದ ಸಿಬ್ಬಂದಿಗಳು ಗ್ರಾಮದ ಗುರು ಹಿರಿಯರು ಹಾಜರಿದ್ದರು.

ರಾಜ್ಯಾಧ್ಯಕ್ಷರು ಹಾಗೂ ಜಿಲ್ಲಾಧ್ಯಕ್ಷರ ಆದೇಶದ ಮೇರೆಗೆ ಇಲಕಲ್ ತಾಲೂಕಿಗೆ ಹಲವಾರು ವರ್ಷಗಳಿಂದ ಕನ್ನಡ ತಾಯಿಗೇ ಹಾಗೂ ಕರ್ನಾಟಕ ರಕ್ಷಣಾ ವೇದಿಕೆಯಲ್ಲಿ ನಾಡು ನುಡಿ ಜಲ ಭಾಷೆಯನ್ನು ಕಾಪಾಡುವ ನಿಟ್ಟಿನಲ್ಲಿ ಅನೇಕ ಹೋರಾಟಗಳನ್ನು ಮಾಡಿ ಸಂಘಟನಾತ್ಮಕವಾಗಿ ಸೇವೆಯನ್ನು ಮನಗೊಂಡು ನೂತನವಾಗಿ ಇಲಕಲ್ ತಾಲೂಕಿಗೆ ಅಧ್ಯಕ್ಷರಾಗಿ ಆಯ್ಕೆಯಾದ ಅಶೋಕ ಪೂಜಾರಿ ಅವರಿಗೆ ಹೃದಯ ಪೂರ್ವಕ ಅಭಿನಂದನೆಗಳು
